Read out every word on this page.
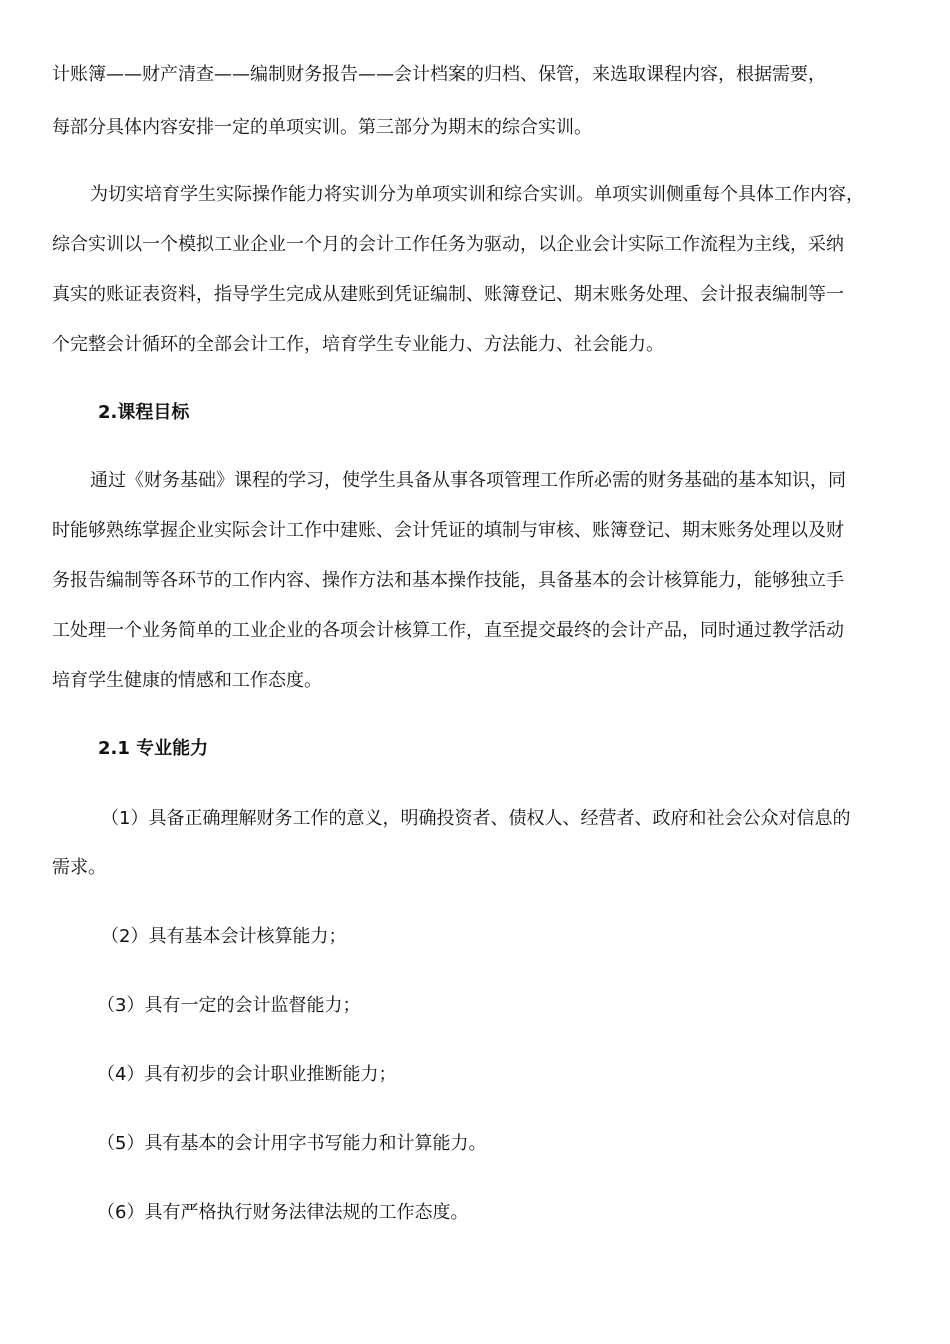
计账簿——财产清查——编制财务报告——会计档案的归档、保管，来选取课程内容，根据需要，
每部分具体内容安排一定的单项实训。第三部分为期末的综合实训。
为切实培育学生实际操作能力将实训分为单项实训和综合实训。单项实训侧重每个具体工作内容，
综合实训以一个模拟工业企业一个月的会计工作任务为驱动，以企业会计实际工作流程为主线，采纳
真实的账证表资料，指导学生完成从建账到凭证编制、账簿登记、期末账务处理、会计报表编制等一
个完整会计循环的全部会计工作，培育学生专业能力、方法能力、社会能力。
2.课程目标
通过《财务基础》课程的学习，使学生具备从事各项管理工作所必需的财务基础的基本知识，同
时能够熟练掌握企业实际会计工作中建账、会计凭证的填制与审核、账簿登记、期末账务处理以及财
务报告编制等各环节的工作内容、操作方法和基本操作技能，具备基本的会计核算能力，能够独立手
工处理一个业务简单的工业企业的各项会计核算工作，直至提交最终的会计产品，同时通过教学活动
培育学生健康的情感和工作态度。
2.1 专业能力
（1）具备正确理解财务工作的意义，明确投资者、债权人、经营者、政府和社会公众对信息的
需求。
（2）具有基本会计核算能力；
（3）具有一定的会计监督能力；
（4）具有初步的会计职业推断能力；
（5）具有基本的会计用字书写能力和计算能力。
（6）具有严格执行财务法律法规的工作态度。
